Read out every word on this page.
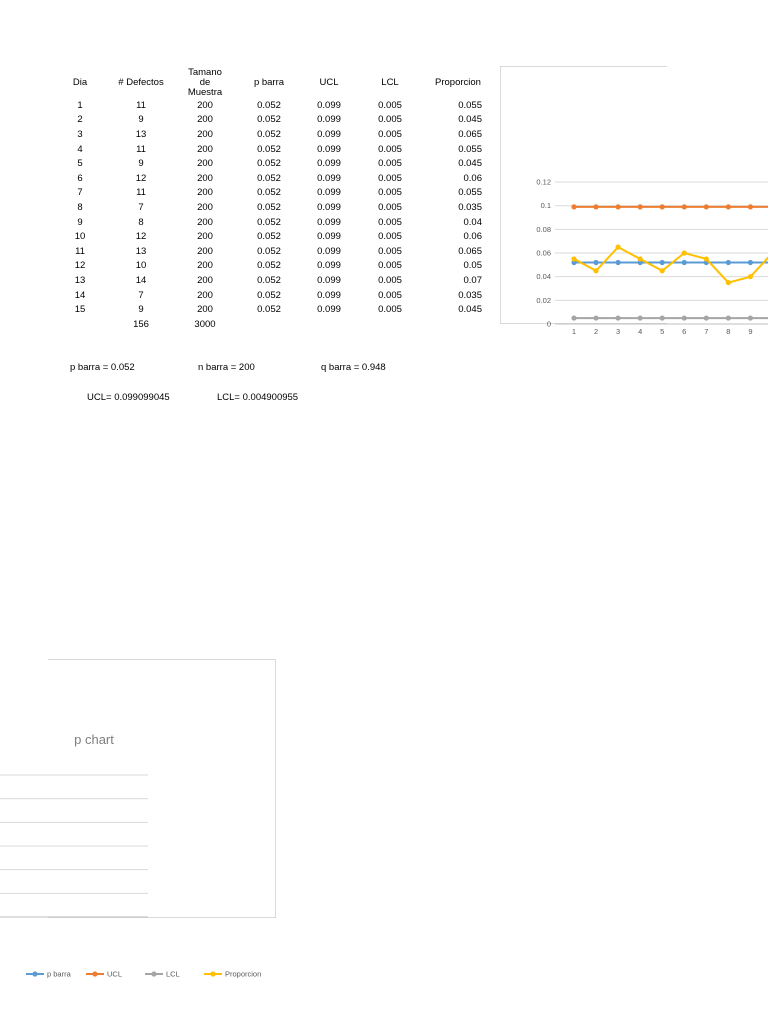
Dia	# Defectos	Tamano de Muestra	p barra	UCL	LCL	Proporcion
1	11	200	0.052	0.099	0.005	0.055
2	9	200	0.052	0.099	0.005	0.045
3	13	200	0.052	0.099	0.005	0.065
4	11	200	0.052	0.099	0.005	0.055
5	9	200	0.052	0.099	0.005	0.045
6	12	200	0.052	0.099	0.005	0.06
7	11	200	0.052	0.099	0.005	0.055
8	7	200	0.052	0.099	0.005	0.035
9	8	200	0.052	0.099	0.005	0.04
10	12	200	0.052	0.099	0.005	0.06
11	13	200	0.052	0.099	0.005	0.065
12	10	200	0.052	0.099	0.005	0.05
13	14	200	0.052	0.099	0.005	0.07
14	7	200	0.052	0.099	0.005	0.035
15	9	200	0.052	0.099	0.005	0.045
	156	3000				
p barra = 0.052	n barra = 200	q barra = 0.948
UCL= 0.099099045	LCL= 0.004900955
0
0.02
0.04
0.06
0.08
0.1
0.12
1 2 3 4 5 6 7 8 9
p chart
p barra	UCL	LCL	Proporcion
